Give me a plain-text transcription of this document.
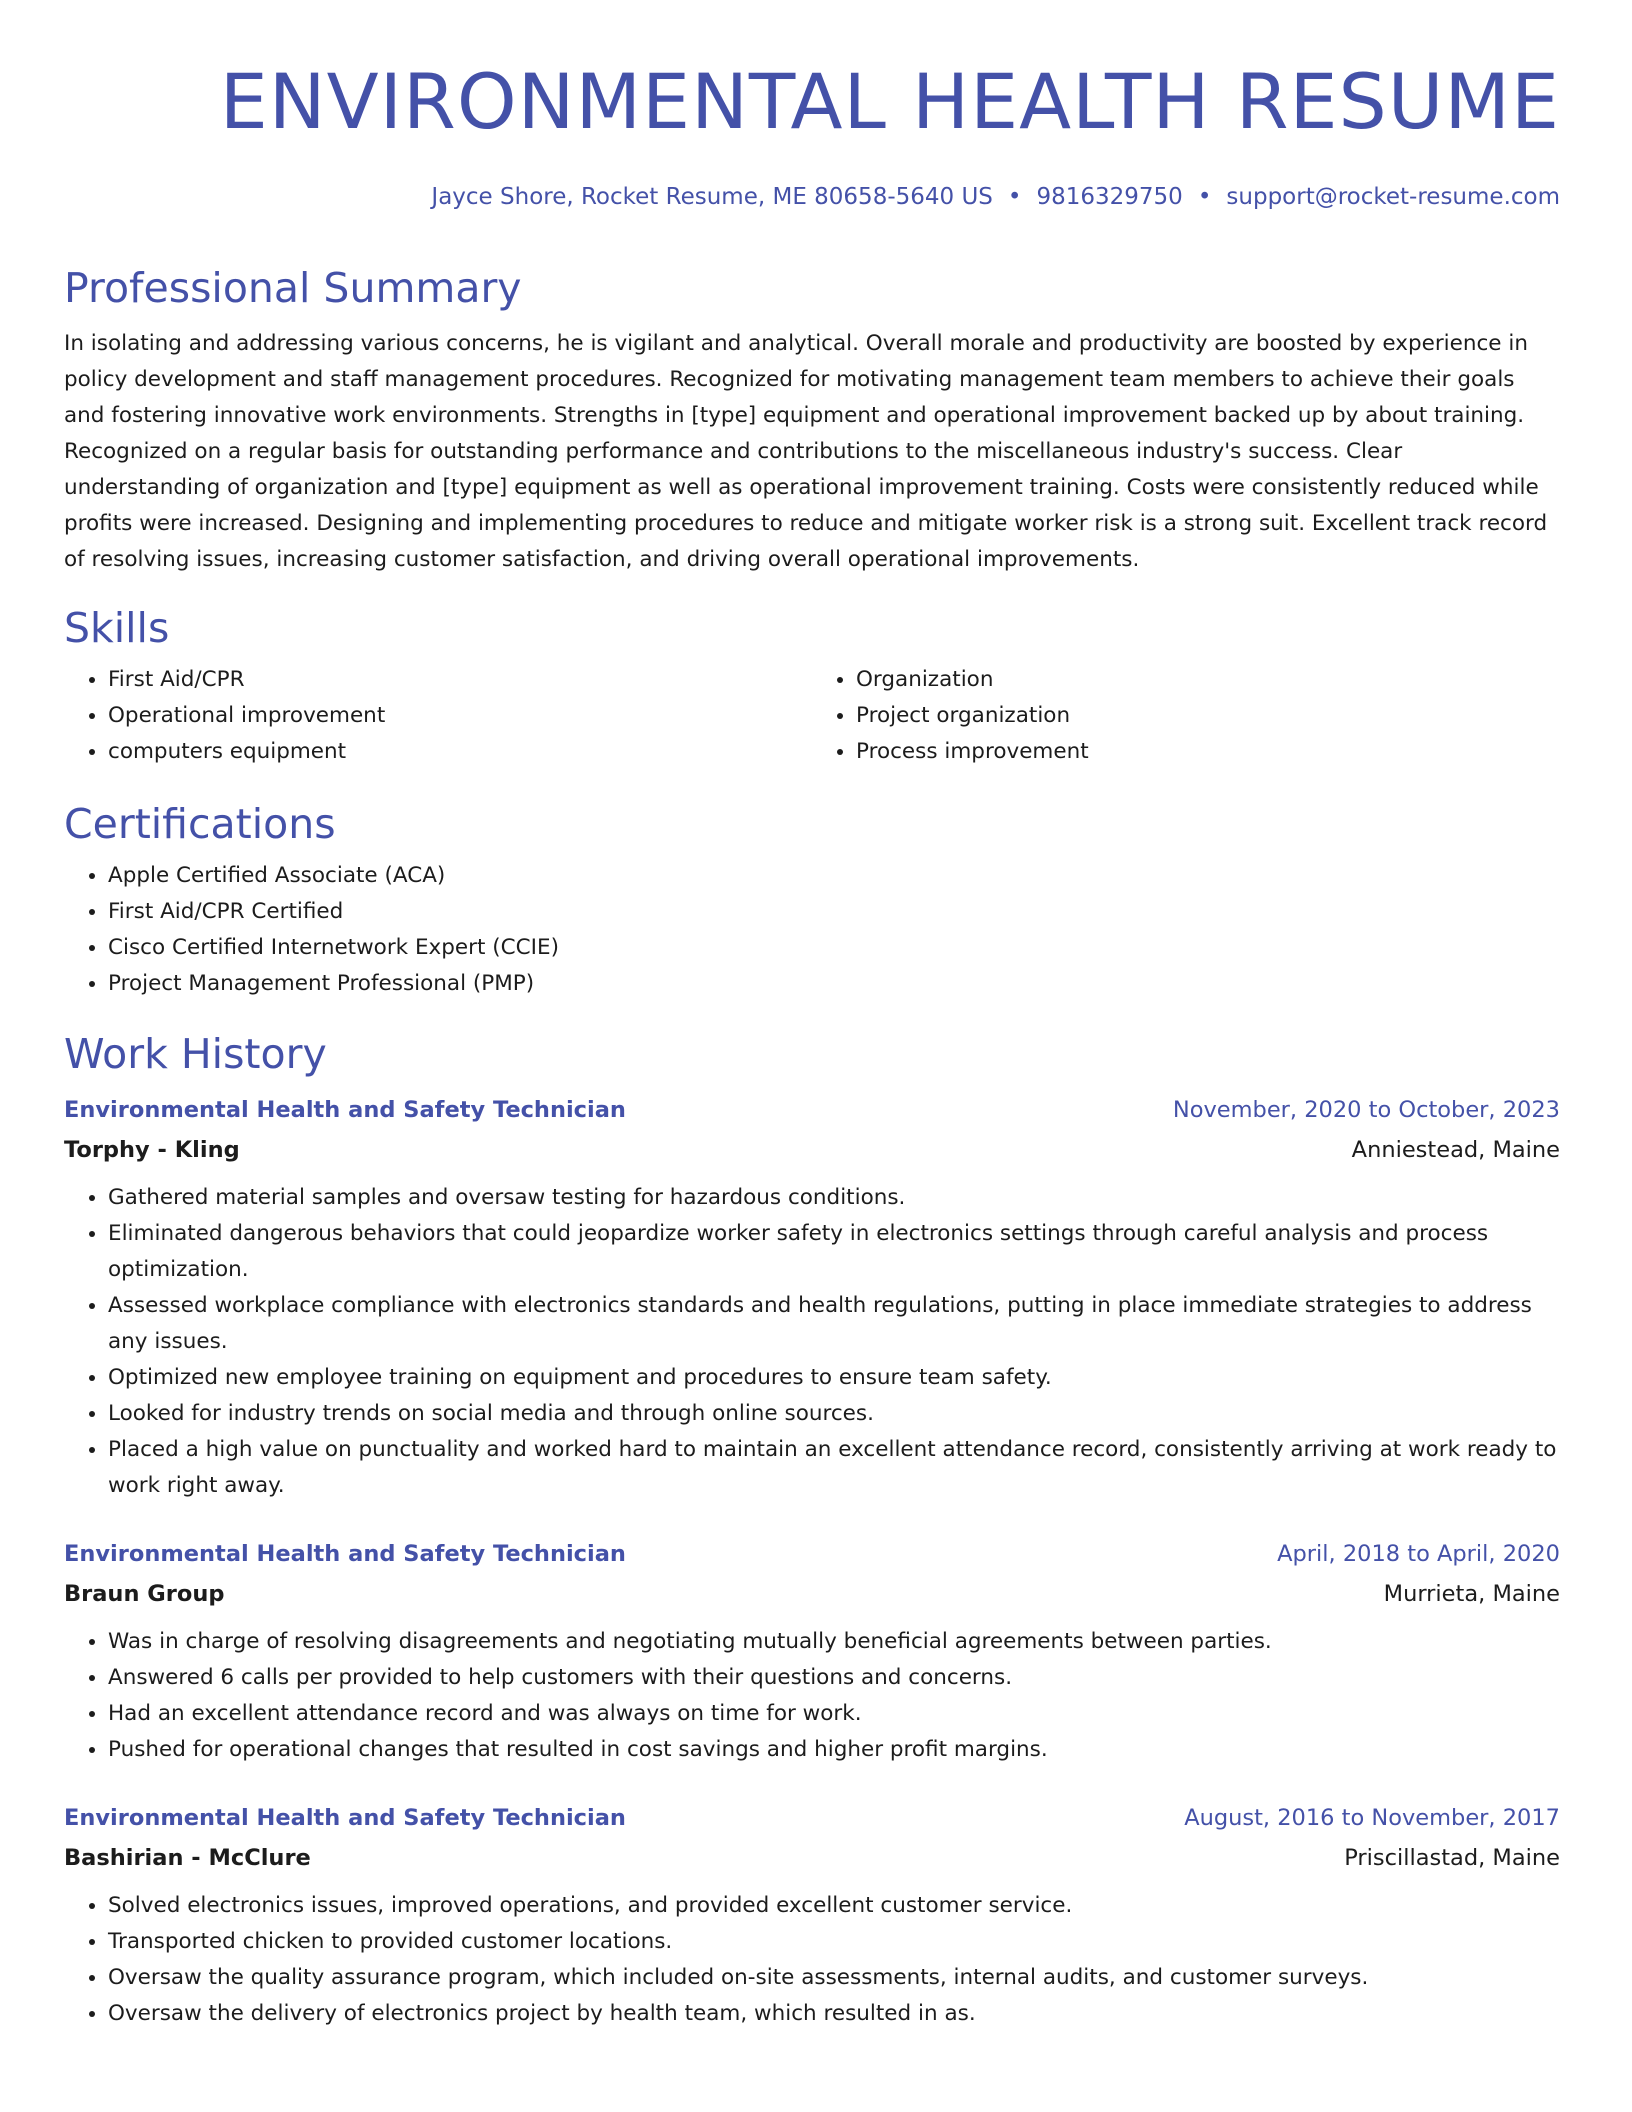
ENVIRONMENTAL HEALTH RESUME
Jayce Shore, Rocket Resume, ME 80658-5640 US • 9816329750 • support@rocket-resume.com
Professional Summary

In isolating and addressing various concerns, he is vigilant and analytical. Overall morale and productivity are boosted by experience in policy development and staff management procedures. Recognized for motivating management team members to achieve their goals and fostering innovative work environments. Strengths in [type] equipment and operational improvement backed up by about training. Recognized on a regular basis for outstanding performance and contributions to the miscellaneous industry's success. Clear understanding of organization and [type] equipment as well as operational improvement training. Costs were consistently reduced while profits were increased. Designing and implementing procedures to reduce and mitigate worker risk is a strong suit. Excellent track record of resolving issues, increasing customer satisfaction, and driving overall operational improvements.

Skills
• First Aid/CPR
• Operational improvement
• computers equipment
• Organization
• Project organization
• Process improvement
Certifications
• Apple Certified Associate (ACA)
• First Aid/CPR Certified
• Cisco Certified Internetwork Expert (CCIE)
• Project Management Professional (PMP)
Work History
Environmental Health and Safety Technician	November, 2020 to October, 2023
Torphy - Kling	Anniestead, Maine
• Gathered material samples and oversaw testing for hazardous conditions.
• Eliminated dangerous behaviors that could jeopardize worker safety in electronics settings through careful analysis and process optimization.
• Assessed workplace compliance with electronics standards and health regulations, putting in place immediate strategies to address any issues.
• Optimized new employee training on equipment and procedures to ensure team safety.
• Looked for industry trends on social media and through online sources.
• Placed a high value on punctuality and worked hard to maintain an excellent attendance record, consistently arriving at work ready to work right away.
Environmental Health and Safety Technician	April, 2018 to April, 2020
Braun Group	Murrieta, Maine
• Was in charge of resolving disagreements and negotiating mutually beneficial agreements between parties.
• Answered 6 calls per provided to help customers with their questions and concerns.
• Had an excellent attendance record and was always on time for work.
• Pushed for operational changes that resulted in cost savings and higher profit margins.
Environmental Health and Safety Technician	August, 2016 to November, 2017
Bashirian - McClure	Priscillastad, Maine
• Solved electronics issues, improved operations, and provided excellent customer service.
• Transported chicken to provided customer locations.
• Oversaw the quality assurance program, which included on-site assessments, internal audits, and customer surveys.
• Oversaw the delivery of electronics project by health team, which resulted in as.
